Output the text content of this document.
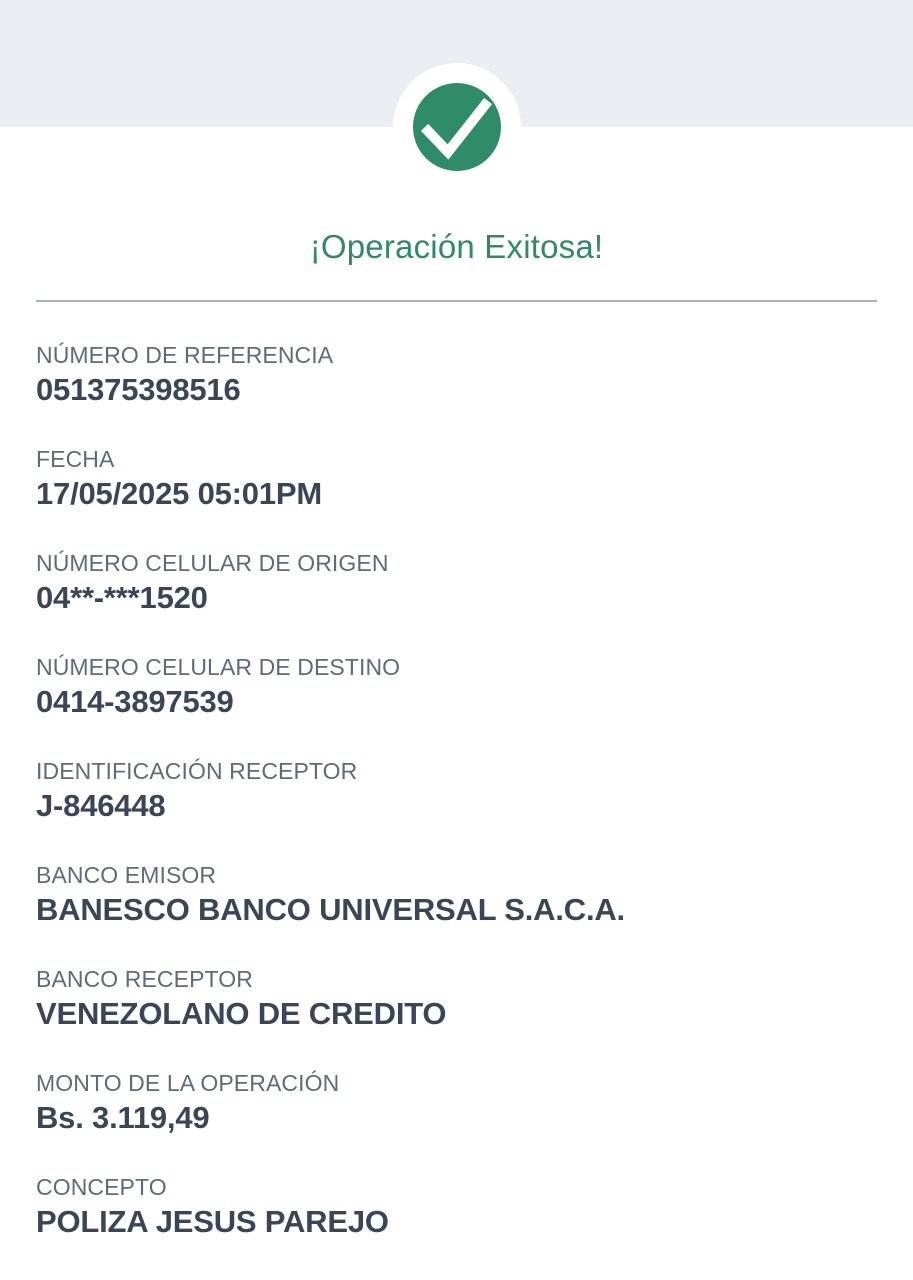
¡Operación Exitosa!
NÚMERO DE REFERENCIA
051375398516
FECHA
17/05/2025 05:01PM
NÚMERO CELULAR DE ORIGEN
04**-***1520
NÚMERO CELULAR DE DESTINO
0414-3897539
IDENTIFICACIÓN RECEPTOR
J-846448
BANCO EMISOR
BANESCO BANCO UNIVERSAL S.A.C.A.
BANCO RECEPTOR
VENEZOLANO DE CREDITO
MONTO DE LA OPERACIÓN
Bs. 3.119,49
CONCEPTO
POLIZA JESUS PAREJO
